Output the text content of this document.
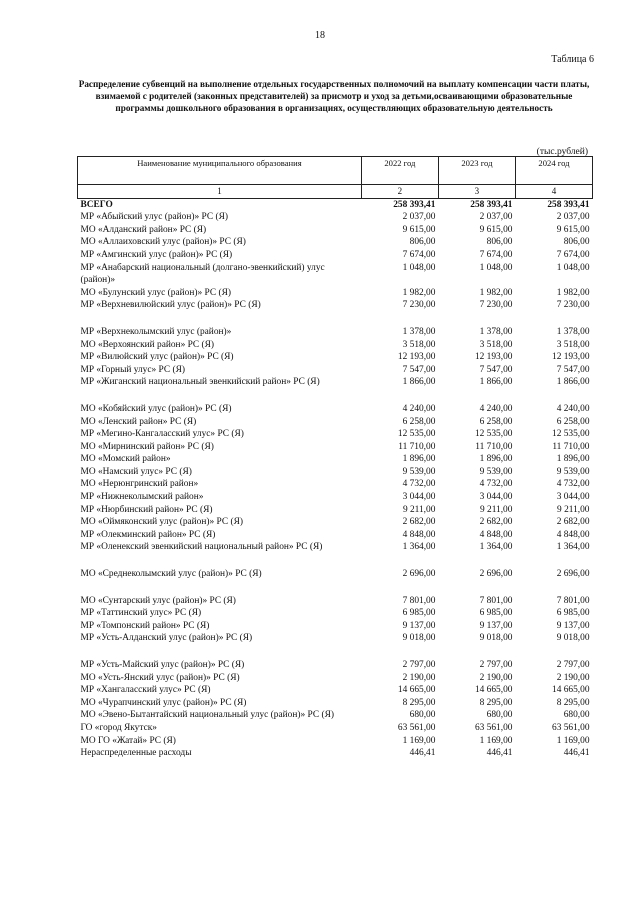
18
Таблица 6
Распределение субвенций на выполнение отдельных государственных полномочий на выплату компенсации части платы, взимаемой с родителей (законных представителей) за присмотр и уход за детьми,осваивающими образовательные программы дошкольного образования в организациях, осуществляющих образовательную деятельность
(тыс.рублей)
Наименование муниципального образования	2022 год	2023 год	2024 год
1	2	3	4
ВСЕГО	258 393,41	258 393,41	258 393,41
МР «Абыйский улус (район)» РС (Я)	2 037,00	2 037,00	2 037,00
МО «Алданский район» РС (Я)	9 615,00	9 615,00	9 615,00
МО «Аллаиховский улус (район)» РС (Я)	806,00	806,00	806,00
МР «Амгинский улус (район)» РС (Я)	7 674,00	7 674,00	7 674,00
МР «Анабарский национальный (долгано-эвенкийский) улус (район)»	1 048,00	1 048,00	1 048,00
МО «Булунский улус (район)» РС (Я)	1 982,00	1 982,00	1 982,00
МР «Верхневилюйский улус (район)» РС (Я)	7 230,00	7 230,00	7 230,00

МР «Верхнеколымский улус (район)»	1 378,00	1 378,00	1 378,00
МО «Верхоянский район» РС (Я)	3 518,00	3 518,00	3 518,00
МР «Вилюйский улус (район)» РС (Я)	12 193,00	12 193,00	12 193,00
МР «Горный улус» РС (Я)	7 547,00	7 547,00	7 547,00
МР «Жиганский национальный эвенкийский район» РС (Я)	1 866,00	1 866,00	1 866,00

МО «Кобяйский улус (район)» РС (Я)	4 240,00	4 240,00	4 240,00
МО «Ленский район» РС (Я)	6 258,00	6 258,00	6 258,00
МР «Мегино-Кангаласский улус» РС (Я)	12 535,00	12 535,00	12 535,00
МО «Мирнинский район» РС (Я)	11 710,00	11 710,00	11 710,00
МО «Момский район»	1 896,00	1 896,00	1 896,00
МО «Намский улус» РС (Я)	9 539,00	9 539,00	9 539,00
МО «Нерюнгринский район»	4 732,00	4 732,00	4 732,00
МР «Нижнеколымский район»	3 044,00	3 044,00	3 044,00
МР «Нюрбинский район» РС (Я)	9 211,00	9 211,00	9 211,00
МО «Оймяконский улус (район)» РС (Я)	2 682,00	2 682,00	2 682,00
МР «Олекминский район» РС (Я)	4 848,00	4 848,00	4 848,00
МР «Оленекский эвенкийский национальный район» РС (Я)	1 364,00	1 364,00	1 364,00

МО «Среднеколымский улус (район)» РС (Я)	2 696,00	2 696,00	2 696,00

МО «Сунтарский улус (район)» РС (Я)	7 801,00	7 801,00	7 801,00
МР «Таттинский улус» РС (Я)	6 985,00	6 985,00	6 985,00
МР «Томпонский район» РС (Я)	9 137,00	9 137,00	9 137,00
МР «Усть-Алданский улус (район)» РС (Я)	9 018,00	9 018,00	9 018,00

МР «Усть-Майский улус (район)» РС (Я)	2 797,00	2 797,00	2 797,00
МО «Усть-Янский улус (район)» РС (Я)	2 190,00	2 190,00	2 190,00
МР «Хангаласский улус» РС (Я)	14 665,00	14 665,00	14 665,00
МО «Чурапчинский улус (район)» РС (Я)	8 295,00	8 295,00	8 295,00
МО «Эвено-Бытантайский национальный улус (район)» РС (Я)	680,00	680,00	680,00
ГО «город Якутск»	63 561,00	63 561,00	63 561,00
МО ГО «Жатай» РС (Я)	1 169,00	1 169,00	1 169,00
Нераспределенные расходы	446,41	446,41	446,41
